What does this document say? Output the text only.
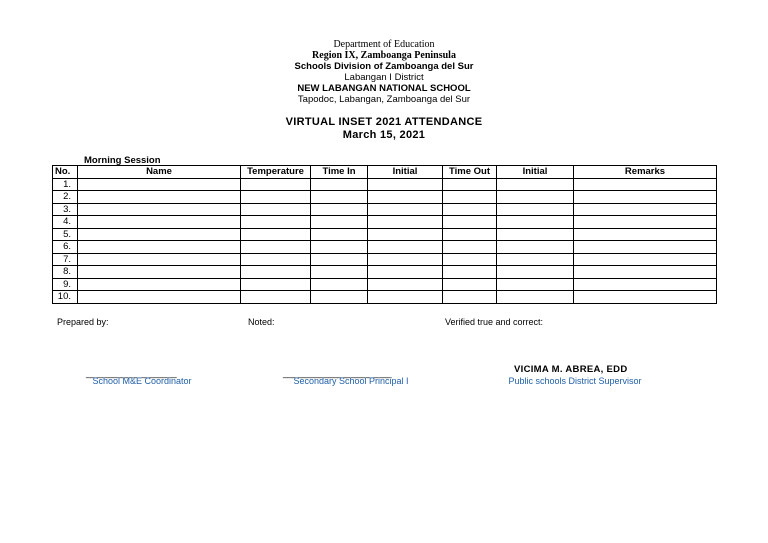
Department of Education
Region IX, Zamboanga Peninsula
Schools Division of Zamboanga del Sur
Labangan I District
NEW LABANGAN NATIONAL SCHOOL
Tapodoc, Labangan, Zamboanga del Sur
VIRTUAL INSET 2021 ATTENDANCE
March 15, 2021
Morning Session
No.	Name	Temperature	Time In	Initial	Time Out	Initial	Remarks
1.							
2.							
3.							
4.							
5.							
6.							
7.							
8.							
9.							
10.							
Prepared by:	Noted:	Verified true and correct:
____________________	________________________	VICIMA M. ABREA, EDD
School M&E Coordinator	Secondary School Principal I	Public schools District Supervisor
